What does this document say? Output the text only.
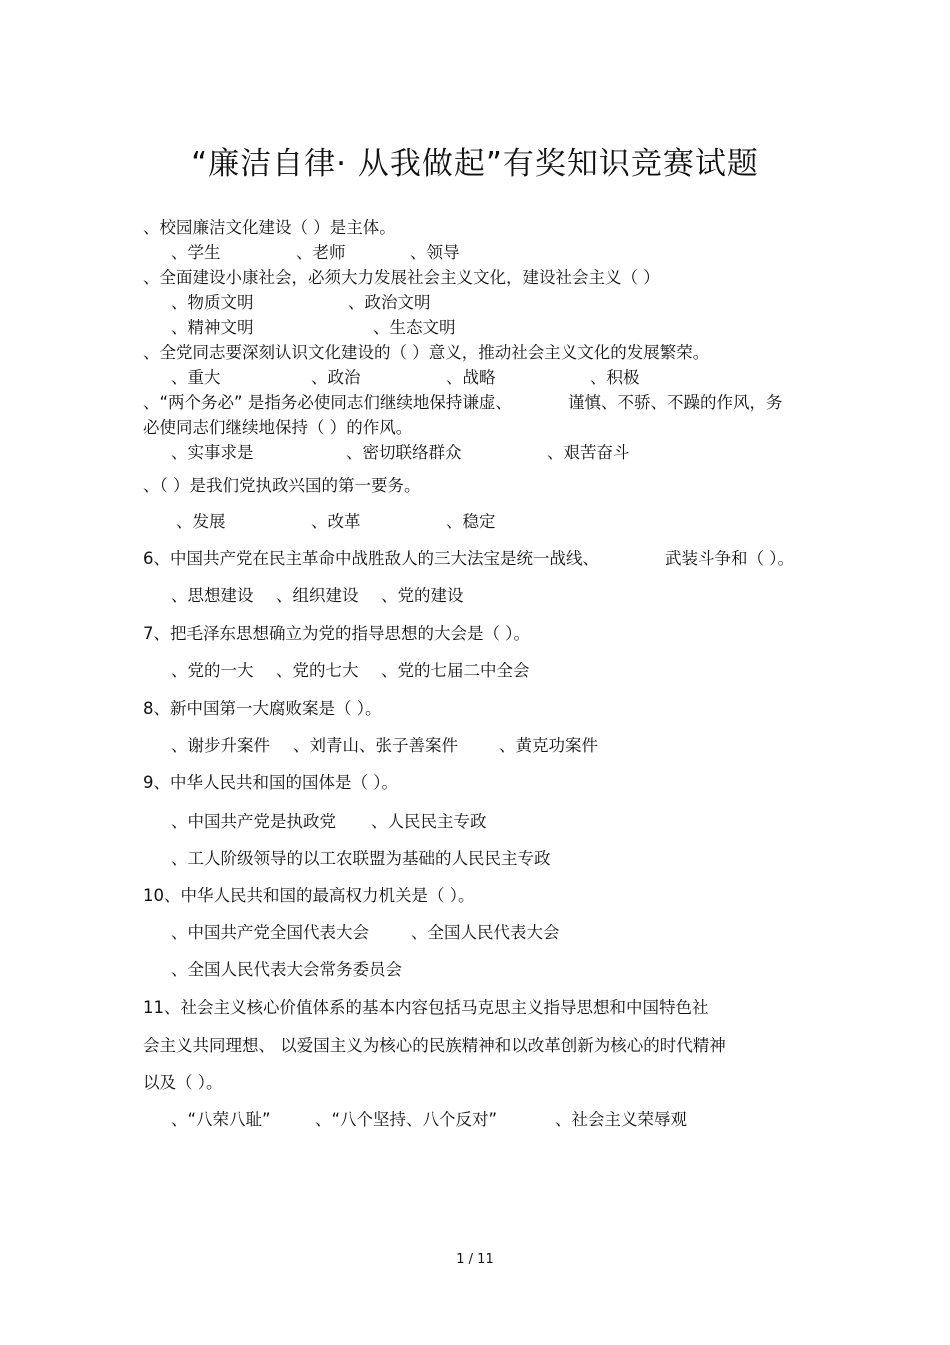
“廉洁自律· 从我做起”有奖知识竞赛试题
、校园廉洁文化建设（ ）是主体。
、学生	、老师	、领导
、全面建设小康社会，必须大力发展社会主义文化，建设社会主义（ ）
、物质文明	、政治文明
、精神文明	、生态文明
、全党同志要深刻认识文化建设的（ ）意义，推动社会主义文化的发展繁荣。
、重大	、政治	、战略	、积极
、“两个务必” 是指务必使同志们继续地保持谦虚、	谨慎、不骄、不躁的作风，务
必使同志们继续地保持（ ）的作风。
、实事求是	、密切联络群众	、艰苦奋斗
、（ ）是我们党执政兴国的第一要务。
、发展	、改革	、稳定
6、中国共产党在民主革命中战胜敌人的三大法宝是统一战线、	武装斗争和（ ）。
、思想建设 、组织建设 、党的建设
7、把毛泽东思想确立为党的指导思想的大会是（ ）。
、党的一大 、党的七大 、党的七届二中全会
8、新中国第一大腐败案是（ ）。
、谢步升案件 、刘青山、张子善案件 、黄克功案件
9、中华人民共和国的国体是（ ）。
、中国共产党是执政党 、人民民主专政
、工人阶级领导的以工农联盟为基础的人民民主专政
10、中华人民共和国的最高权力机关是（ ）。
、中国共产党全国代表大会	、全国人民代表大会
、全国人民代表大会常务委员会
11、社会主义核心价值体系的基本内容包括马克思主义指导思想和中国特色社
会主义共同理想、 以爱国主义为核心的民族精神和以改革创新为核心的时代精神
以及（ ）。
、“八荣八耻”	、“八个坚持、八个反对”	、社会主义荣辱观
1 / 11
